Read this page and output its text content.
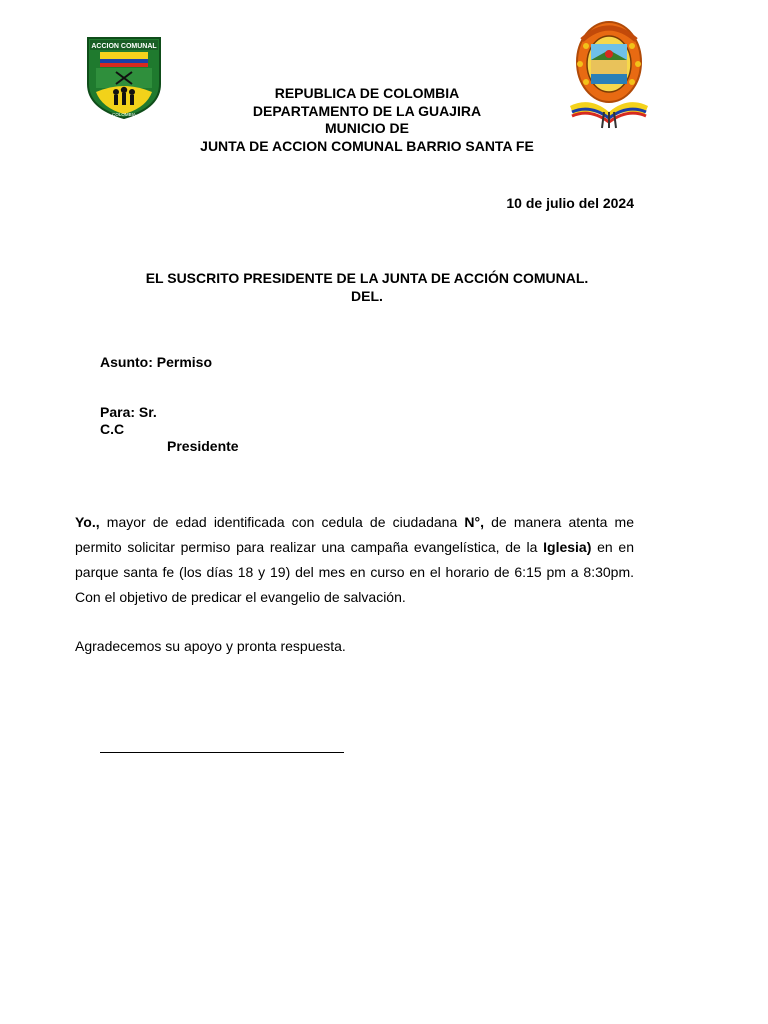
ACCION COMUNAL
COLOMBIA
REPUBLICA DE COLOMBIA
DEPARTAMENTO DE LA GUAJIRA
MUNICIO DE
JUNTA DE ACCION COMUNAL BARRIO SANTA FE
10 de julio del 2024
EL SUSCRITO PRESIDENTE DE LA JUNTA DE ACCIÓN COMUNAL.
DEL.
Asunto: Permiso
Para: Sr.
C.C
Presidente
Yo., mayor de edad identificada con cedula de ciudadana N°, de manera atenta me
permito solicitar permiso para realizar una campaña evangelística, de la Iglesia) en en
parque santa fe (los días 18 y 19) del mes en curso en el horario de 6:15 pm a 8:30pm.
Con el objetivo de predicar el evangelio de salvación.
Agradecemos su apoyo y pronta respuesta.
